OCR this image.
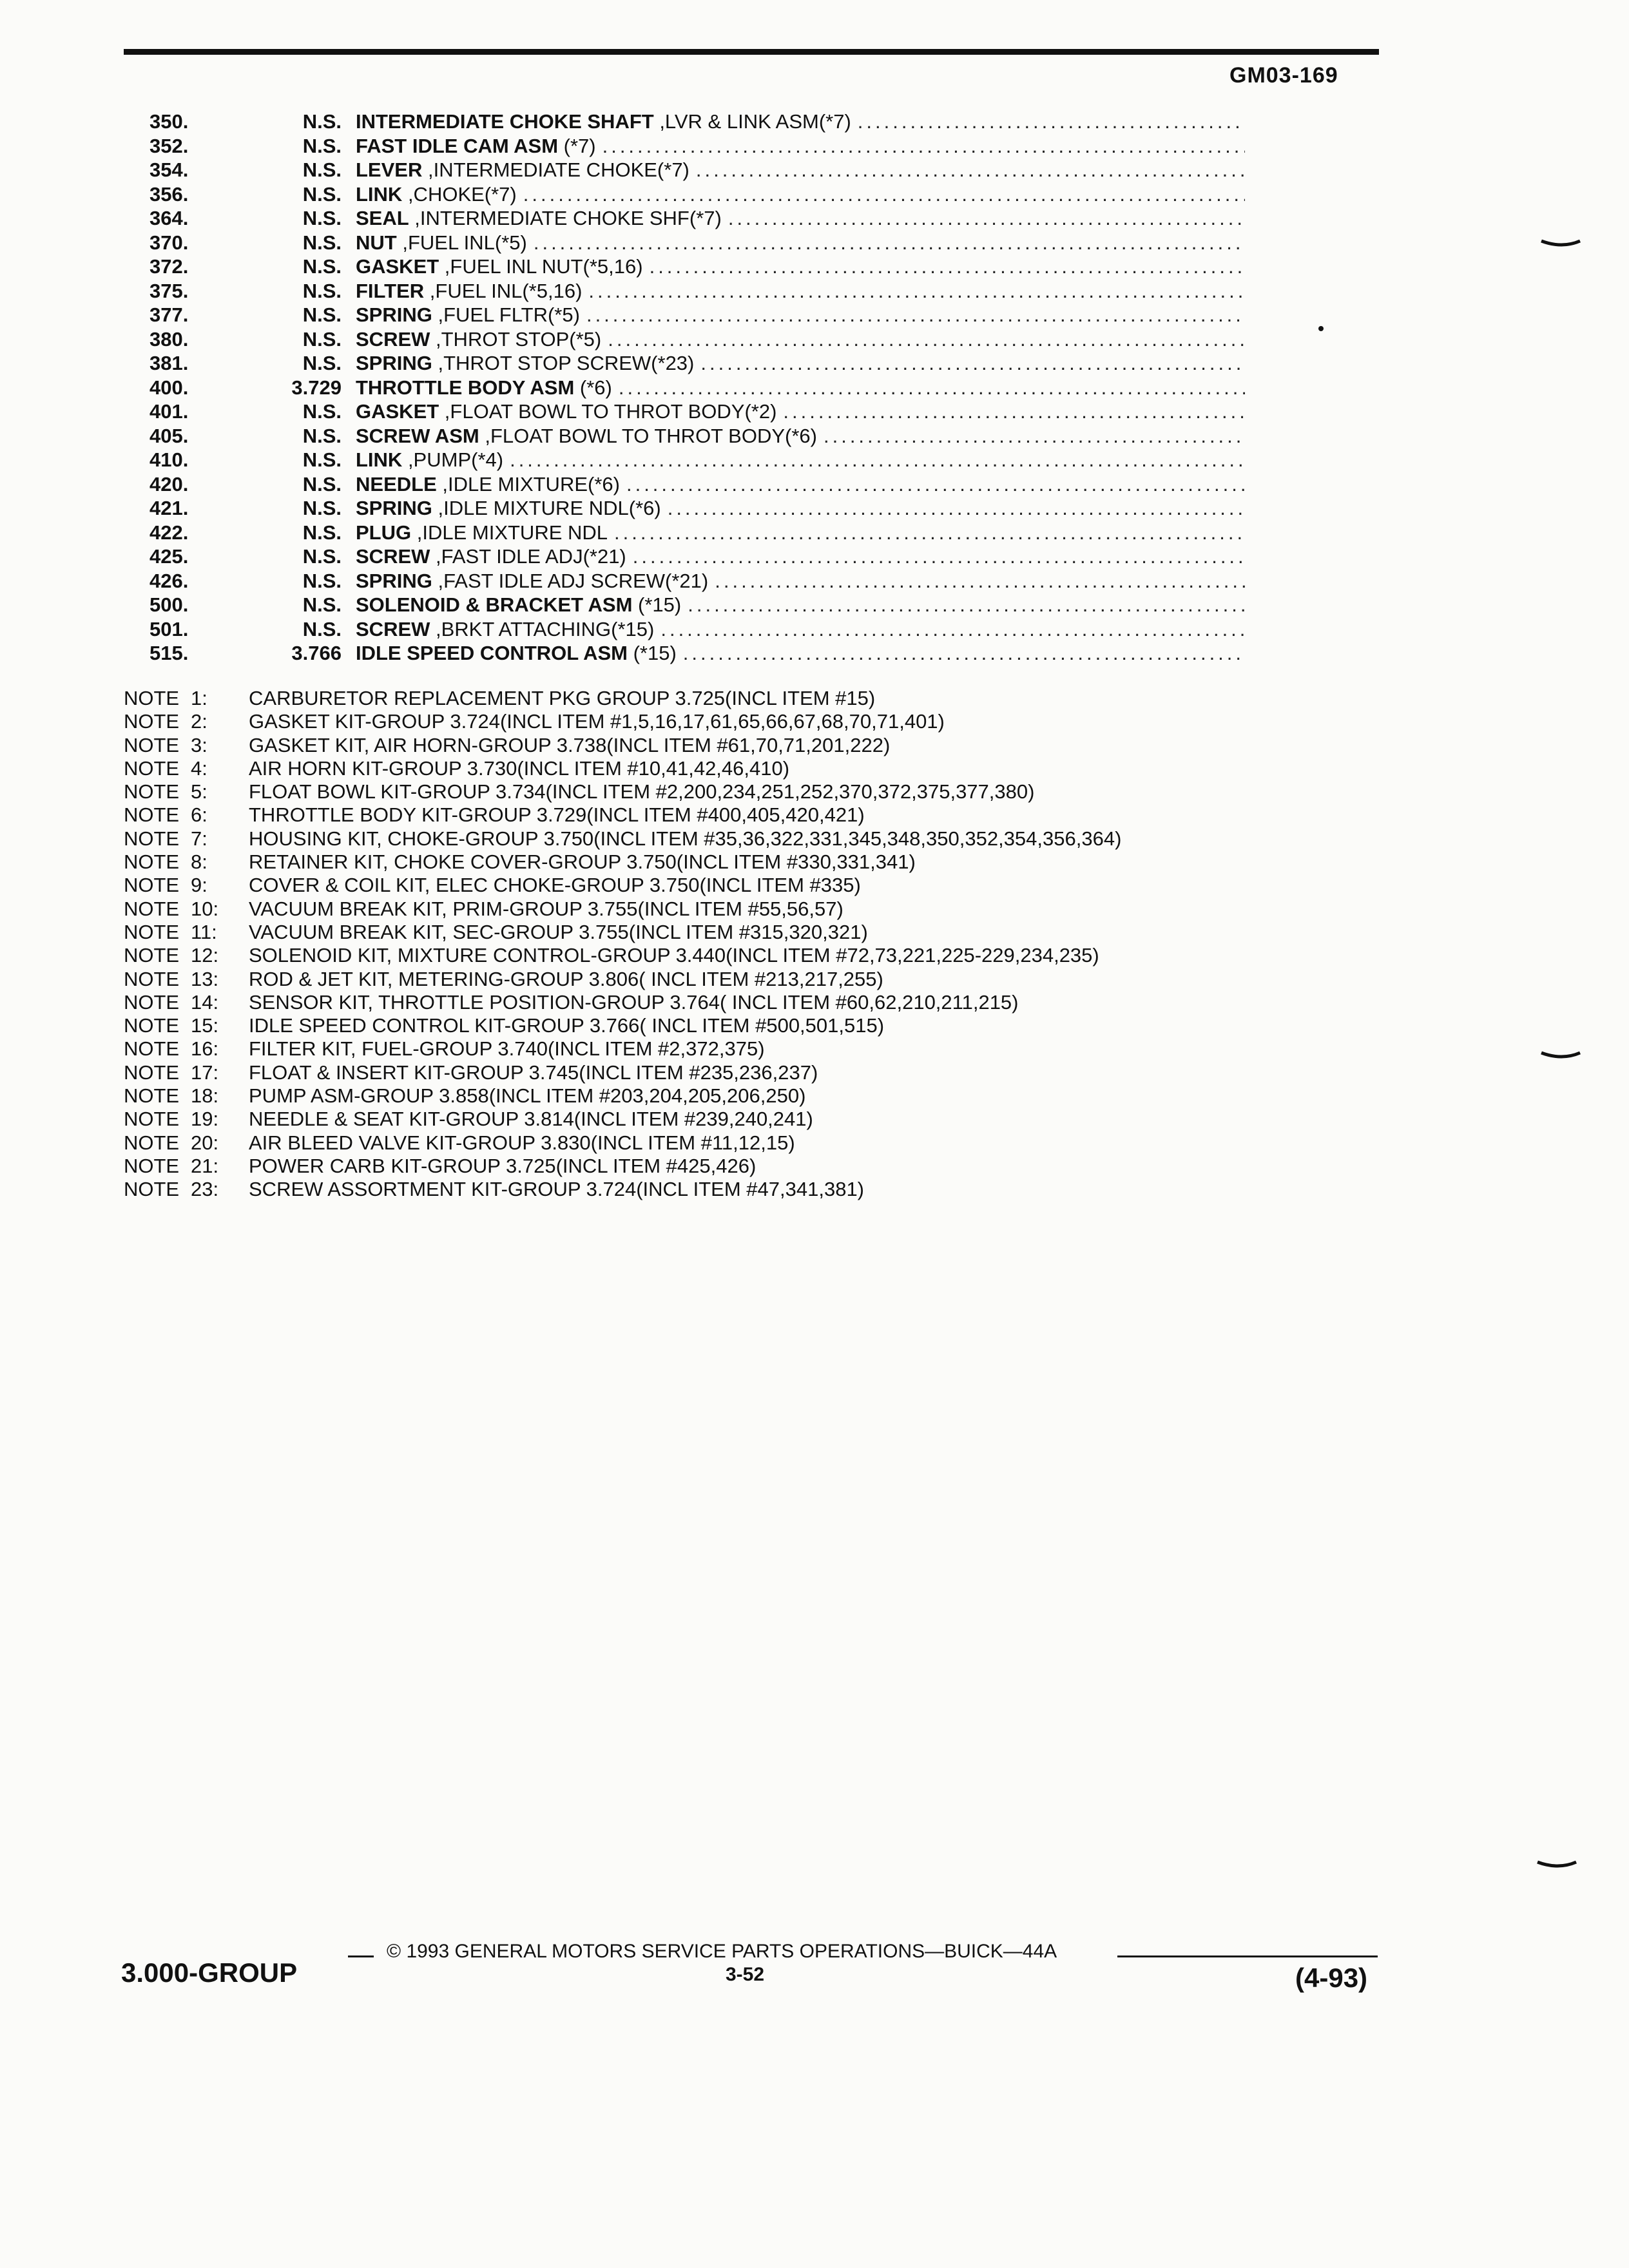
GM03-169
350.	N.S. INTERMEDIATE CHOKE SHAFT ,LVR & LINK ASM(*7)
.....
352.	N.S. FAST IDLE CAM ASM (*7)
.....
354.	N.S. LEVER ,INTERMEDIATE CHOKE(*7)
.....
356.	N.S. LINK ,CHOKE(*7)
.....
364.	N.S. SEAL ,INTERMEDIATE CHOKE SHF(*7)
.....
370.	N.S. NUT ,FUEL INL(*5)
.....
372.	N.S. GASKET ,FUEL INL NUT(*5,16)
.....
375.	N.S. FILTER ,FUEL INL(*5,16)
.....
377.	N.S. SPRING ,FUEL FLTR(*5)
.....
380.	N.S. SCREW ,THROT STOP(*5)
.....
381.	N.S. SPRING ,THROT STOP SCREW(*23)
.....
400.	3.729 THROTTLE BODY ASM (*6)
.....
401.	N.S. GASKET ,FLOAT BOWL TO THROT BODY(*2)
.....
405.	N.S. SCREW ASM ,FLOAT BOWL TO THROT BODY(*6)
.....
410.	N.S. LINK ,PUMP(*4)
.....
420.	N.S. NEEDLE ,IDLE MIXTURE(*6)
.....
421.	N.S. SPRING ,IDLE MIXTURE NDL(*6)
.....
422.	N.S. PLUG ,IDLE MIXTURE NDL
.....
425.	N.S. SCREW ,FAST IDLE ADJ(*21)
.....
426.	N.S. SPRING ,FAST IDLE ADJ SCREW(*21)
.....
500.	N.S. SOLENOID & BRACKET ASM (*15)
.....
501.	N.S. SCREW ,BRKT ATTACHING(*15)
.....
515.	3.766 IDLE SPEED CONTROL ASM (*15)
.....
NOTE 1:	CARBURETOR REPLACEMENT PKG GROUP 3.725(INCL ITEM #15)
NOTE 2:	GASKET KIT-GROUP 3.724(INCL ITEM #1,5,16,17,61,65,66,67,68,70,71,401)
NOTE 3:	GASKET KIT, AIR HORN-GROUP 3.738(INCL ITEM #61,70,71,201,222)
NOTE 4:	AIR HORN KIT-GROUP 3.730(INCL ITEM #10,41,42,46,410)
NOTE 5:	FLOAT BOWL KIT-GROUP 3.734(INCL ITEM #2,200,234,251,252,370,372,375,377,380)
NOTE 6:	THROTTLE BODY KIT-GROUP 3.729(INCL ITEM #400,405,420,421)
NOTE 7:	HOUSING KIT, CHOKE-GROUP 3.750(INCL ITEM #35,36,322,331,345,348,350,352,354,356,364)
NOTE 8:	RETAINER KIT, CHOKE COVER-GROUP 3.750(INCL ITEM #330,331,341)
NOTE 9:	COVER & COIL KIT, ELEC CHOKE-GROUP 3.750(INCL ITEM #335)
NOTE 10:	VACUUM BREAK KIT, PRIM-GROUP 3.755(INCL ITEM #55,56,57)
NOTE 11:	VACUUM BREAK KIT, SEC-GROUP 3.755(INCL ITEM #315,320,321)
NOTE 12:	SOLENOID KIT, MIXTURE CONTROL-GROUP 3.440(INCL ITEM #72,73,221,225-229,234,235)
NOTE 13:	ROD & JET KIT, METERING-GROUP 3.806( INCL ITEM #213,217,255)
NOTE 14:	SENSOR KIT, THROTTLE POSITION-GROUP 3.764( INCL ITEM #60,62,210,211,215)
NOTE 15:	IDLE SPEED CONTROL KIT-GROUP 3.766( INCL ITEM #500,501,515)
NOTE 16:	FILTER KIT, FUEL-GROUP 3.740(INCL ITEM #2,372,375)
NOTE 17:	FLOAT & INSERT KIT-GROUP 3.745(INCL ITEM #235,236,237)
NOTE 18:	PUMP ASM-GROUP 3.858(INCL ITEM #203,204,205,206,250)
NOTE 19:	NEEDLE & SEAT KIT-GROUP 3.814(INCL ITEM #239,240,241)
NOTE 20:	AIR BLEED VALVE KIT-GROUP 3.830(INCL ITEM #11,12,15)
NOTE 21:	POWER CARB KIT-GROUP 3.725(INCL ITEM #425,426)
NOTE 23:	SCREW ASSORTMENT KIT-GROUP 3.724(INCL ITEM #47,341,381)
© 1993 GENERAL MOTORS SERVICE PARTS OPERATIONS—BUICK—44A
3.000-GROUP	3-52	(4-93)
